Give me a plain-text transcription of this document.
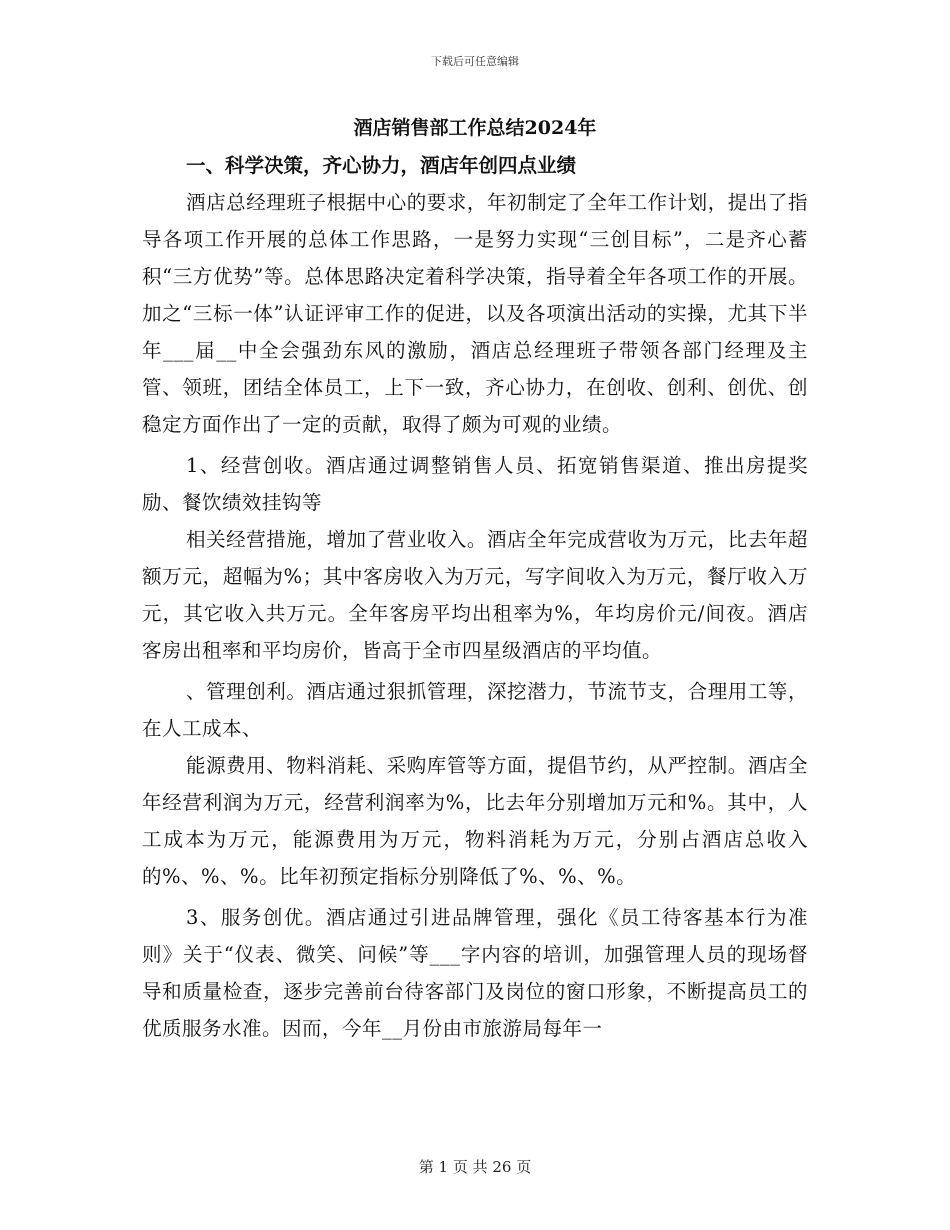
下载后可任意编辑
酒店销售部工作总结2024年
一、科学决策，齐心协力，酒店年创四点业绩

酒店总经理班子根据中心的要求，年初制定了全年工作计划，提出了指导各项工作开展的总体工作思路，一是努力实现“三创目标”，二是齐心蓄积“三方优势”等。总体思路决定着科学决策，指导着全年各项工作的开展。加之“三标一体”认证评审工作的促进，以及各项演出活动的实操，尤其下半年___届__中全会强劲东风的激励，酒店总经理班子带领各部门经理及主管、领班，团结全体员工，上下一致，齐心协力，在创收、创利、创优、创稳定方面作出了一定的贡献，取得了颇为可观的业绩。

1、经营创收。酒店通过调整销售人员、拓宽销售渠道、推出房提奖励、餐饮绩效挂钩等

相关经营措施，增加了营业收入。酒店全年完成营收为万元，比去年超额万元，超幅为%；其中客房收入为万元，写字间收入为万元，餐厅收入万元，其它收入共万元。全年客房平均出租率为%，年均房价元/间夜。酒店客房出租率和平均房价，皆高于全市四星级酒店的平均值。

、管理创利。酒店通过狠抓管理，深挖潜力，节流节支，合理用工等，在人工成本、

能源费用、物料消耗、采购库管等方面，提倡节约，从严控制。酒店全年经营利润为万元，经营利润率为%，比去年分别增加万元和%。其中，人工成本为万元，能源费用为万元，物料消耗为万元，分别占酒店总收入的%、%、%。比年初预定指标分别降低了%、%、%。

3、服务创优。酒店通过引进品牌管理，强化《员工待客基本行为准则》关于“仪表、微笑、问候”等___字内容的培训，加强管理人员的现场督导和质量检查，逐步完善前台待客部门及岗位的窗口形象，不断提高员工的优质服务水准。因而，今年__月份由市旅游局每年一

第 1 页 共 26 页
